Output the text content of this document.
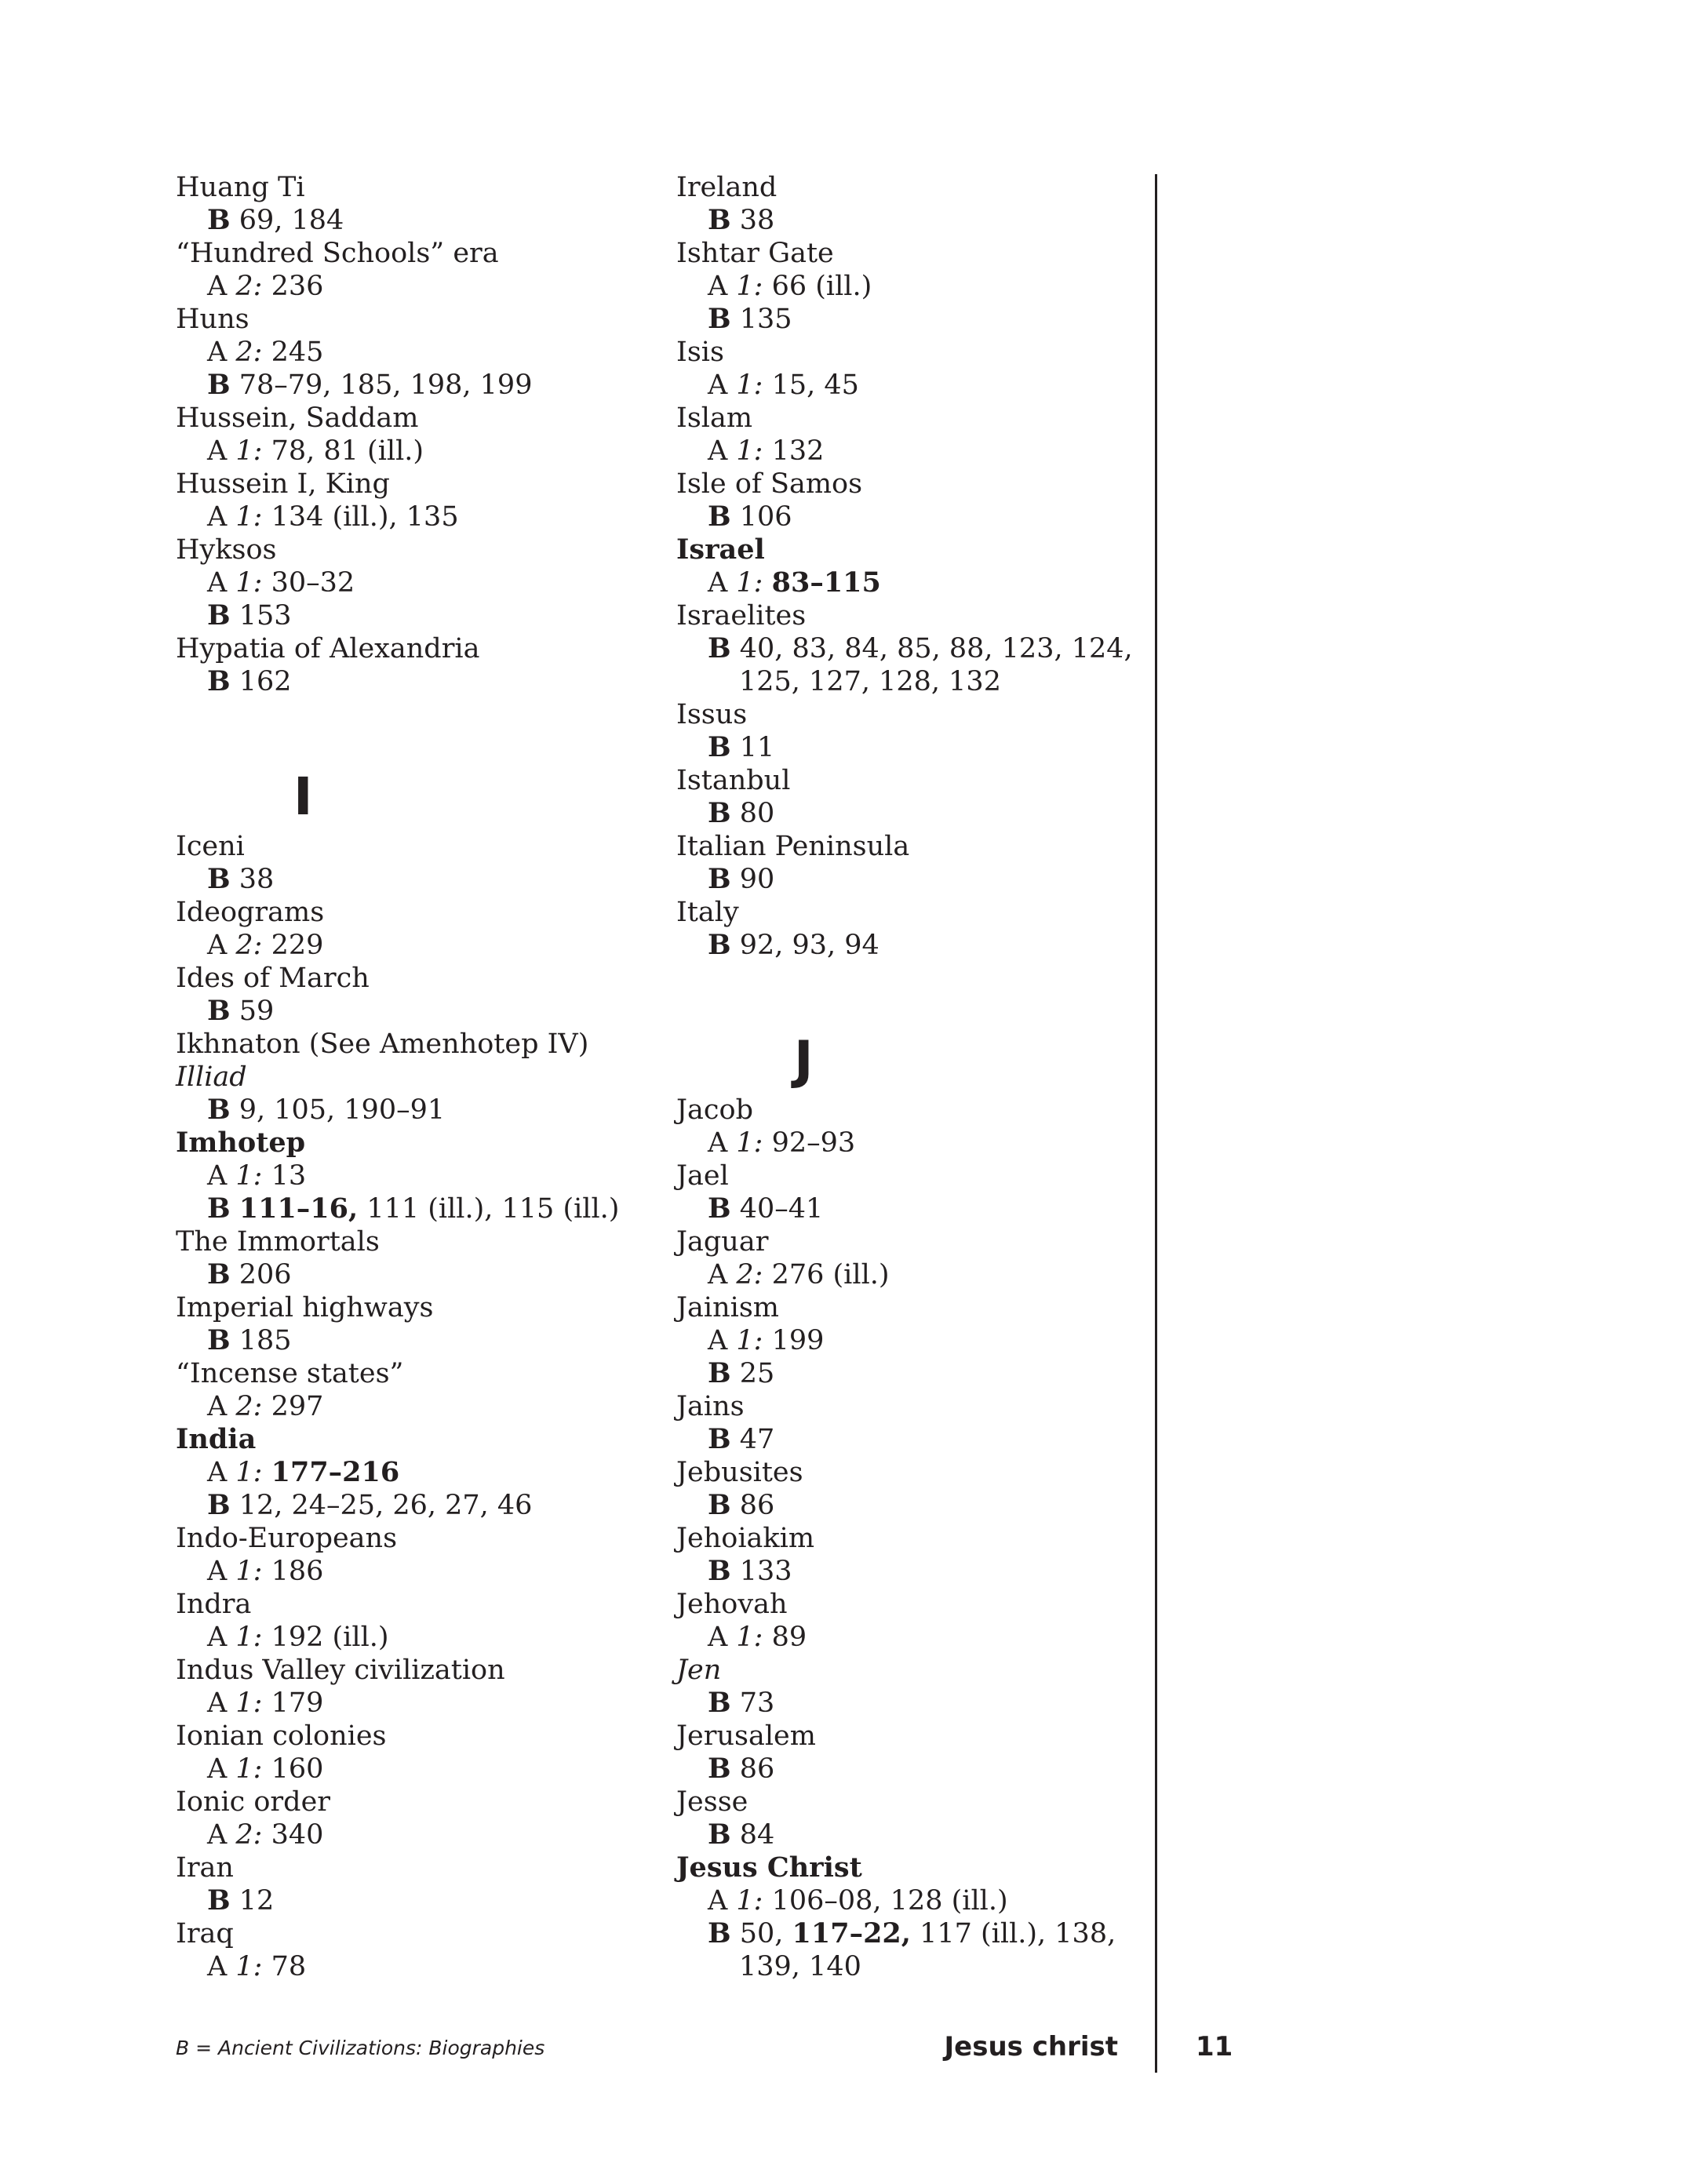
Huang Ti
B 69, 184
“Hundred Schools” era
A 2: 236
Huns
A 2: 245
B 78–79, 185, 198, 199
Hussein, Saddam
A 1: 78, 81 (ill.)
Hussein I, King
A 1: 134 (ill.), 135
Hyksos
A 1: 30–32
B 153
Hypatia of Alexandria
B 162
I
Iceni
B 38
Ideograms
A 2: 229
Ides of March
B 59
Ikhnaton (See Amenhotep IV)
Illiad
B 9, 105, 190–91
Imhotep
A 1: 13
B 111–16, 111 (ill.), 115 (ill.)
The Immortals
B 206
Imperial highways
B 185
“Incense states”
A 2: 297
India
A 1: 177–216
B 12, 24–25, 26, 27, 46
Indo-Europeans
A 1: 186
Indra
A 1: 192 (ill.)
Indus Valley civilization
A 1: 179
Ionian colonies
A 1: 160
Ionic order
A 2: 340
Iran
B 12
Iraq
A 1: 78
Ireland
B 38
Ishtar Gate
A 1: 66 (ill.)
B 135
Isis
A 1: 15, 45
Islam
A 1: 132
Isle of Samos
B 106
Israel
A 1: 83–115
Israelites
B 40, 83, 84, 85, 88, 123, 124,
125, 127, 128, 132
Issus
B 11
Istanbul
B 80
Italian Peninsula
B 90
Italy
B 92, 93, 94
J
Jacob
A 1: 92–93
Jael
B 40–41
Jaguar
A 2: 276 (ill.)
Jainism
A 1: 199
B 25
Jains
B 47
Jebusites
B 86
Jehoiakim
B 133
Jehovah
A 1: 89
Jen
B 73
Jerusalem
B 86
Jesse
B 84
Jesus Christ
A 1: 106–08, 128 (ill.)
B 50, 117–22, 117 (ill.), 138,
139, 140
B = Ancient Civilizations: Biographies	Jesus christ	11
